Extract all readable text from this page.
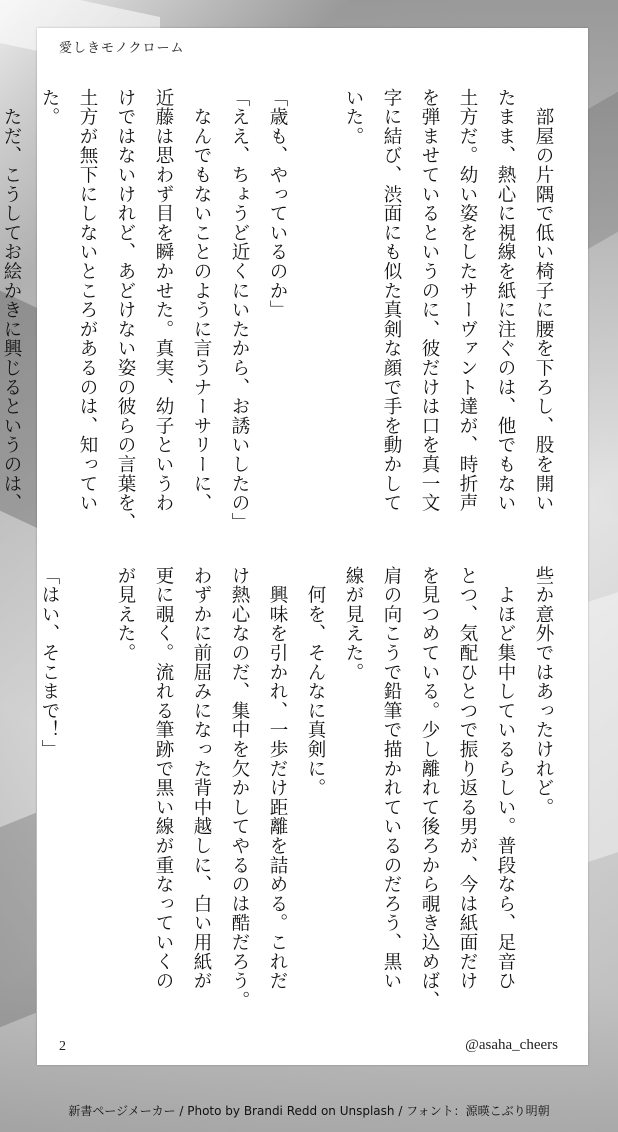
愛しきモノクローム
　部屋の片隅で低い椅子に腰を下ろし、股を開い
たまま、熱心に視線を紙に注ぐのは、他でもない
土方だ。幼い姿をしたサーヴァント達が、時折声
を弾ませているというのに、彼だけは口を真一文
字に結び、渋面にも似た真剣な顔で手を動かして
いた。
「歳も、やっているのか」
「ええ、ちょうど近くにいたから、お誘いしたの」
　なんでもないことのように言うナーサリーに、
近藤は思わず目を瞬かせた。真実、幼子というわ
けではないけれど、あどけない姿の彼らの言葉を、
土方が無下にしないところがあるのは、知ってい
た。
　ただ、こうしてお絵かきに興じるというのは、
些か意外ではあったけれど。
　よほど集中しているらしい。普段なら、足音ひ
とつ、気配ひとつで振り返る男が、今は紙面だけ
を見つめている。少し離れて後ろから覗き込めば、
肩の向こうで鉛筆で描かれているのだろう、黒い
線が見えた。
　何を、そんなに真剣に。
　興味を引かれ、一歩だけ距離を詰める。これだ
け熱心なのだ、集中を欠かしてやるのは酷だろう。
わずかに前屈みになった背中越しに、白い用紙が
更に覗く。流れる筆跡で黒い線が重なっていくの
が見えた。
「はい、そこまで！」
2	@asaha_cheers
新書ページメーカー / Photo by Brandi Redd on Unsplash / フォント：源暎こぶり明朝
